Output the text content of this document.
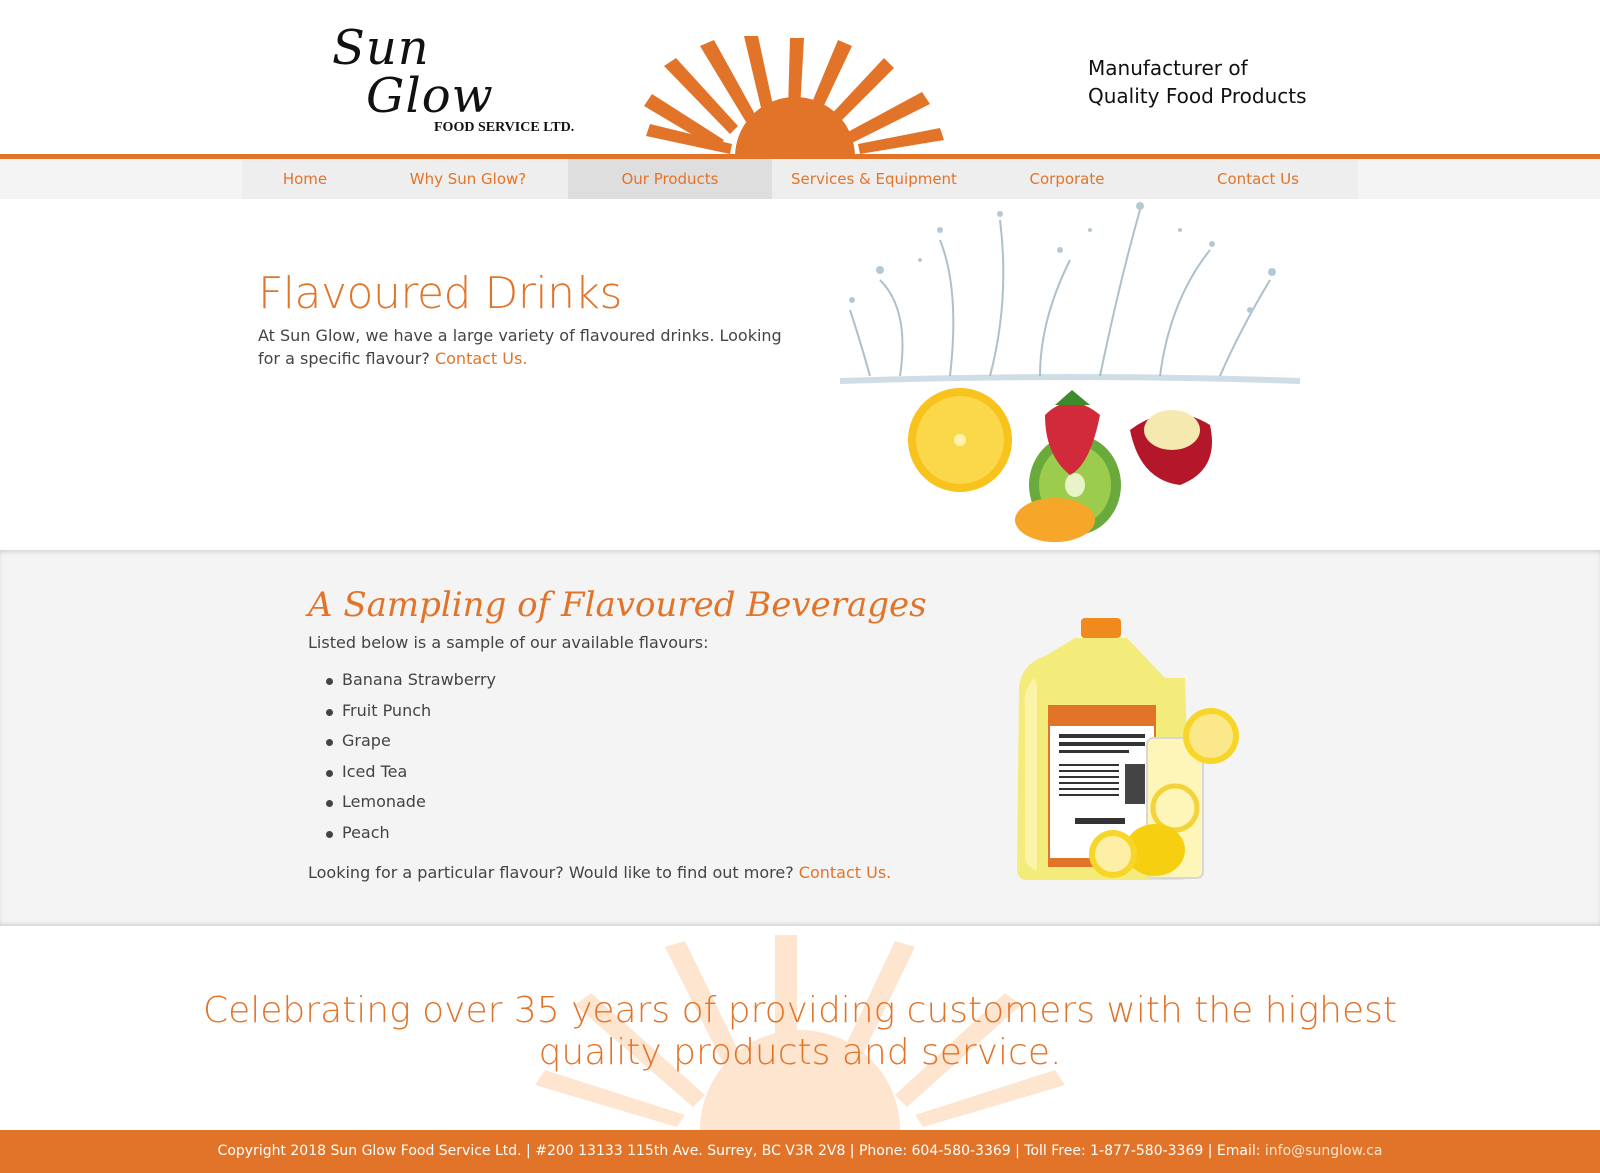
Sun
Glow
FOOD SERVICE LTD.
Manufacturer of
Quality Food Products
Home	Why Sun Glow?	Our Products	Services & Equipment	Corporate	Contact Us
Flavoured Drinks
At Sun Glow, we have a large variety of flavoured drinks. Looking for a specific flavour? Contact Us.
A Sampling of Flavoured Beverages
Listed below is a sample of our available flavours:
Banana Strawberry
Fruit Punch
Grape
Iced Tea
Lemonade
Peach
Looking for a particular flavour? Would like to find out more? Contact Us.
Celebrating over 35 years of providing customers with the highest
quality products and service.
Copyright 2018 Sun Glow Food Service Ltd. | #200 13133 115th Ave. Surrey, BC V3R 2V8 | Phone: 604-580-3369 | Toll Free: 1-877-580-3369 | Email: info@sunglow.ca
